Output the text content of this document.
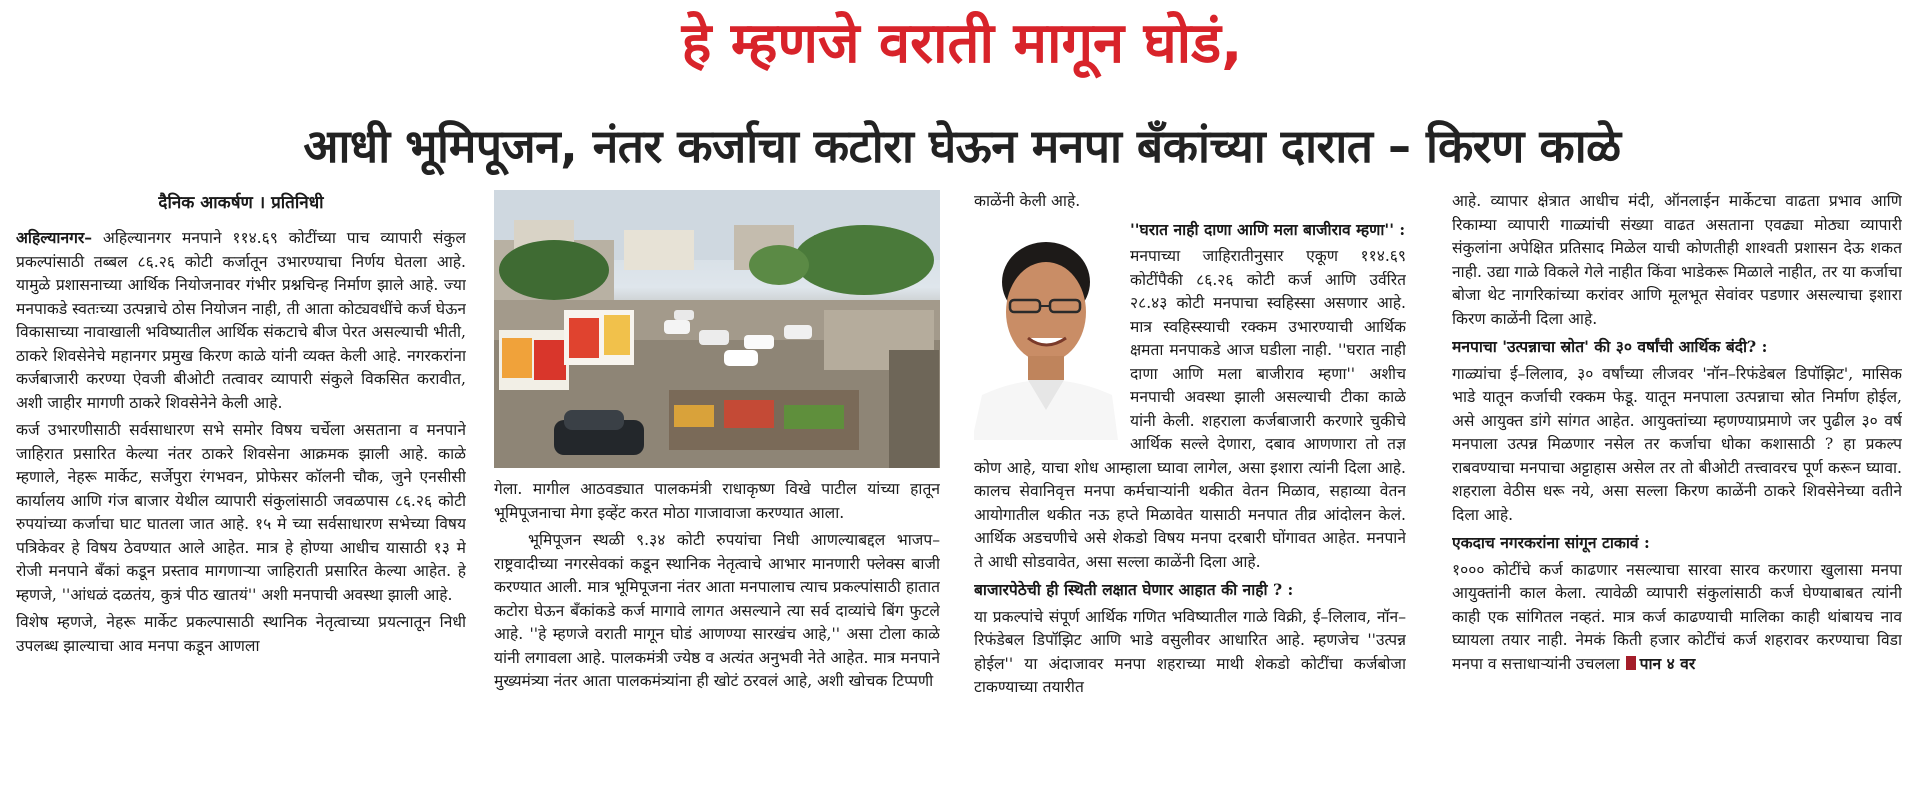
हे म्हणजे वराती मागून घोडं,
आधी भूमिपूजन, नंतर कर्जाचा कटोरा घेऊन मनपा बँकांच्या दारात – किरण काळे
दैनिक आकर्षण । प्रतिनिधी

अहिल्यानगर– अहिल्यानगर मनपाने ११४.६९ कोटींच्या पाच व्यापारी संकुल प्रकल्पांसाठी तब्बल ८६.२६ कोटी कर्जातून उभारण्याचा निर्णय घेतला आहे. यामुळे प्रशासनाच्या आर्थिक नियोजनावर गंभीर प्रश्नचिन्ह निर्माण झाले आहे. ज्या मनपाकडे स्वतःच्या उत्पन्नाचे ठोस नियोजन नाही, ती आता कोट्यवधींचे कर्ज घेऊन विकासाच्या नावाखाली भविष्यातील आर्थिक संकटाचे बीज पेरत असल्याची भीती, ठाकरे शिवसेनेचे महानगर प्रमुख किरण काळे यांनी व्यक्त केली आहे. नगरकरांना कर्जबाजारी करण्या ऐवजी बीओटी तत्वावर व्यापारी संकुले विकसित करावीत, अशी जाहीर मागणी ठाकरे शिवसेनेने केली आहे.

कर्ज उभारणीसाठी सर्वसाधारण सभे समोर विषय चर्चेला असताना व मनपाने जाहिरात प्रसारित केल्या नंतर ठाकरे शिवसेना आक्रमक झाली आहे. काळे म्हणाले, नेहरू मार्केट, सर्जेपुरा रंगभवन, प्रोफेसर कॉलनी चौक, जुने एनसीसी कार्यालय आणि गंज बाजार येथील व्यापारी संकुलांसाठी जवळपास ८६.२६ कोटी रुपयांच्या कर्जाचा घाट घातला जात आहे. १५ मे च्या सर्वसाधारण सभेच्या विषय पत्रिकेवर हे विषय ठेवण्यात आले आहेत. मात्र हे होण्या आधीच यासाठी १३ मे रोजी मनपाने बँकां कडून प्रस्ताव मागणाऱ्या जाहिराती प्रसारित केल्या आहेत. हे म्हणजे, ''आंधळं दळतंय, कुत्रं पीठ खातयं'' अशी मनपाची अवस्था झाली आहे.

विशेष म्हणजे, नेहरू मार्केट प्रकल्पासाठी स्थानिक नेतृत्वाच्या प्रयत्नातून निधी उपलब्ध झाल्याचा आव मनपा कडून आणला

गेला. मागील आठवड्यात पालकमंत्री राधाकृष्ण विखे पाटील यांच्या हातून भूमिपूजनाचा मेगा इव्हेंट करत मोठा गाजावाजा करण्यात आला.

भूमिपूजन स्थळी ९.३४ कोटी रुपयांचा निधी आणल्याबद्दल भाजप–राष्ट्रवादीच्या नगरसेवकां कडून स्थानिक नेतृत्वाचे आभार मानणारी फ्लेक्स बाजी करण्यात आली. मात्र भूमिपूजना नंतर आता मनपालाच त्याच प्रकल्पांसाठी हातात कटोरा घेऊन बँकांकडे कर्ज मागावे लागत असल्याने त्या सर्व दाव्यांचे बिंग फुटले आहे. ''हे म्हणजे वराती मागून घोडं आणण्या सारखंच आहे,'' असा टोला काळे यांनी लगावला आहे. पालकमंत्री ज्येष्ठ व अत्यंत अनुभवी नेते आहेत. मात्र मनपाने मुख्यमंत्र्या नंतर आता पालकमंत्र्यांना ही खोटं ठरवलं आहे, अशी खोचक टिप्पणी

काळेंनी केली आहे.

''घरात नाही दाणा आणि मला बाजीराव म्हणा'' :

मनपाच्या जाहिरातीनुसार एकूण ११४.६९ कोटींपैकी ८६.२६ कोटी कर्ज आणि उर्वरित २८.४३ कोटी मनपाचा स्वहिस्सा असणार आहे. मात्र स्वहिस्स्याची रक्कम उभारण्याची आर्थिक क्षमता मनपाकडे आज घडीला नाही. ''घरात नाही दाणा आणि मला बाजीराव म्हणा'' अशीच मनपाची अवस्था झाली असल्याची टीका काळे यांनी केली. शहराला कर्जबाजारी करणारे चुकीचे आर्थिक सल्ले देणारा, दबाव आणणारा तो तज्ञ कोण आहे, याचा शोध आम्हाला घ्यावा लागेल, असा इशारा त्यांनी दिला आहे. कालच सेवानिवृत्त मनपा कर्मचाऱ्यांनी थकीत वेतन मिळाव, सहाव्या वेतन आयोगातील थकीत नऊ हप्ते मिळावेत यासाठी मनपात तीव्र आंदोलन केलं. आर्थिक अडचणीचे असे शेकडो विषय मनपा दरबारी घोंगावत आहेत. मनपाने ते आधी सोडवावेत, असा सल्ला काळेंनी दिला आहे.

बाजारपेठेची ही स्थिती लक्षात घेणार आहात की नाही ? :

या प्रकल्पांचे संपूर्ण आर्थिक गणित भविष्यातील गाळे विक्री, ई–लिलाव, नॉन–रिफंडेबल डिपॉझिट आणि भाडे वसुलीवर आधारित आहे. म्हणजेच ''उत्पन्न होईल'' या अंदाजावर मनपा शहराच्या माथी शेकडो कोटींचा कर्जबोजा टाकण्याच्या तयारीत

आहे. व्यापार क्षेत्रात आधीच मंदी, ऑनलाईन मार्केटचा वाढता प्रभाव आणि रिकाम्या व्यापारी गाळ्यांची संख्या वाढत असताना एवढ्या मोठ्या व्यापारी संकुलांना अपेक्षित प्रतिसाद मिळेल याची कोणतीही शाश्वती प्रशासन देऊ शकत नाही. उद्या गाळे विकले गेले नाहीत किंवा भाडेकरू मिळाले नाहीत, तर या कर्जाचा बोजा थेट नागरिकांच्या करांवर आणि मूलभूत सेवांवर पडणार असल्याचा इशारा किरण काळेंनी दिला आहे.

मनपाचा 'उत्पन्नाचा स्रोत' की ३० वर्षांची आर्थिक बंदी? :

गाळ्यांचा ई–लिलाव, ३० वर्षांच्या लीजवर 'नॉन–रिफंडेबल डिपॉझिट', मासिक भाडे यातून कर्जाची रक्कम फेडू. यातून मनपाला उत्पन्नाचा स्रोत निर्माण होईल, असे आयुक्त डांगे सांगत आहेत. आयुक्तांच्या म्हणण्याप्रमाणे जर पुढील ३० वर्ष मनपाला उत्पन्न मिळणार नसेल तर कर्जाचा धोका कशासाठी ? हा प्रकल्प राबवण्याचा मनपाचा अट्टाहास असेल तर तो बीओटी तत्त्वावरच पूर्ण करून घ्यावा. शहराला वेठीस धरू नये, असा सल्ला किरण काळेंनी ठाकरे शिवसेनेच्या वतीने दिला आहे.

एकदाच नगरकरांना सांगून टाकावं :

१००० कोटींचे कर्ज काढणार नसल्याचा सारवा सारव करणारा खुलासा मनपा आयुक्तांनी काल केला. त्यावेळी व्यापारी संकुलांसाठी कर्ज घेण्याबाबत त्यांनी काही एक सांगितल नव्हतं. मात्र कर्ज काढण्याची मालिका काही थांबायच नाव घ्यायला तयार नाही. नेमकं किती हजार कोटींचं कर्ज शहरावर करण्याचा विडा मनपा व सत्ताधाऱ्यांनी उचलला पान ४ वर
